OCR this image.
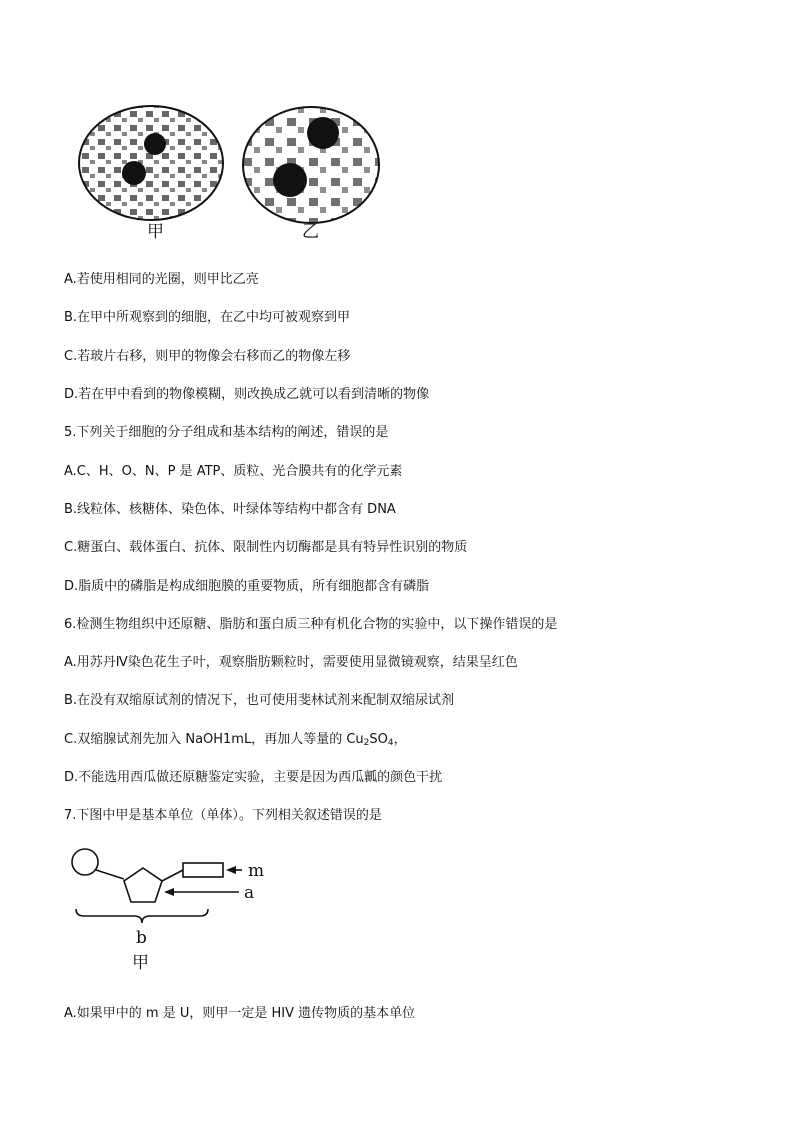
甲	乙
A.若使用相同的光圈，则甲比乙亮
B.在甲中所观察到的细胞，在乙中均可被观察到甲
C.若玻片右移，则甲的物像会右移而乙的物像左移
D.若在甲中看到的物像模糊，则改换成乙就可以看到清晰的物像
5.下列关于细胞的分子组成和基本结构的阐述，错误的是
A.C、H、O、N、P 是 ATP、质粒、光合膜共有的化学元素
B.线粒体、核糖体、染色体、叶绿体等结构中都含有 DNA
C.糖蛋白、载体蛋白、抗体、限制性内切酶都是具有特异性识别的物质
D.脂质中的磷脂是构成细胞膜的重要物质，所有细胞都含有磷脂
6.检测生物组织中还原糖、脂肪和蛋白质三种有机化合物的实验中，以下操作错误的是
A.用苏丹Ⅳ染色花生子叶，观察脂肪颗粒时，需要使用显微镜观察，结果呈红色
B.在没有双缩原试剂的情况下，也可使用斐林试剂来配制双缩尿试剂
C.双缩腺试剂先加入 NaOH1mL，再加人等量的 $Cu_2SO_4$，
D.不能选用西瓜做还原糖鉴定实验，主要是因为西瓜瓤的颜色干扰
7.下图中甲是基本单位（单体）。下列相关叙述错误的是
m
a
b
甲
A.如果甲中的 m 是 U，则甲一定是 HIV 遗传物质的基本单位
